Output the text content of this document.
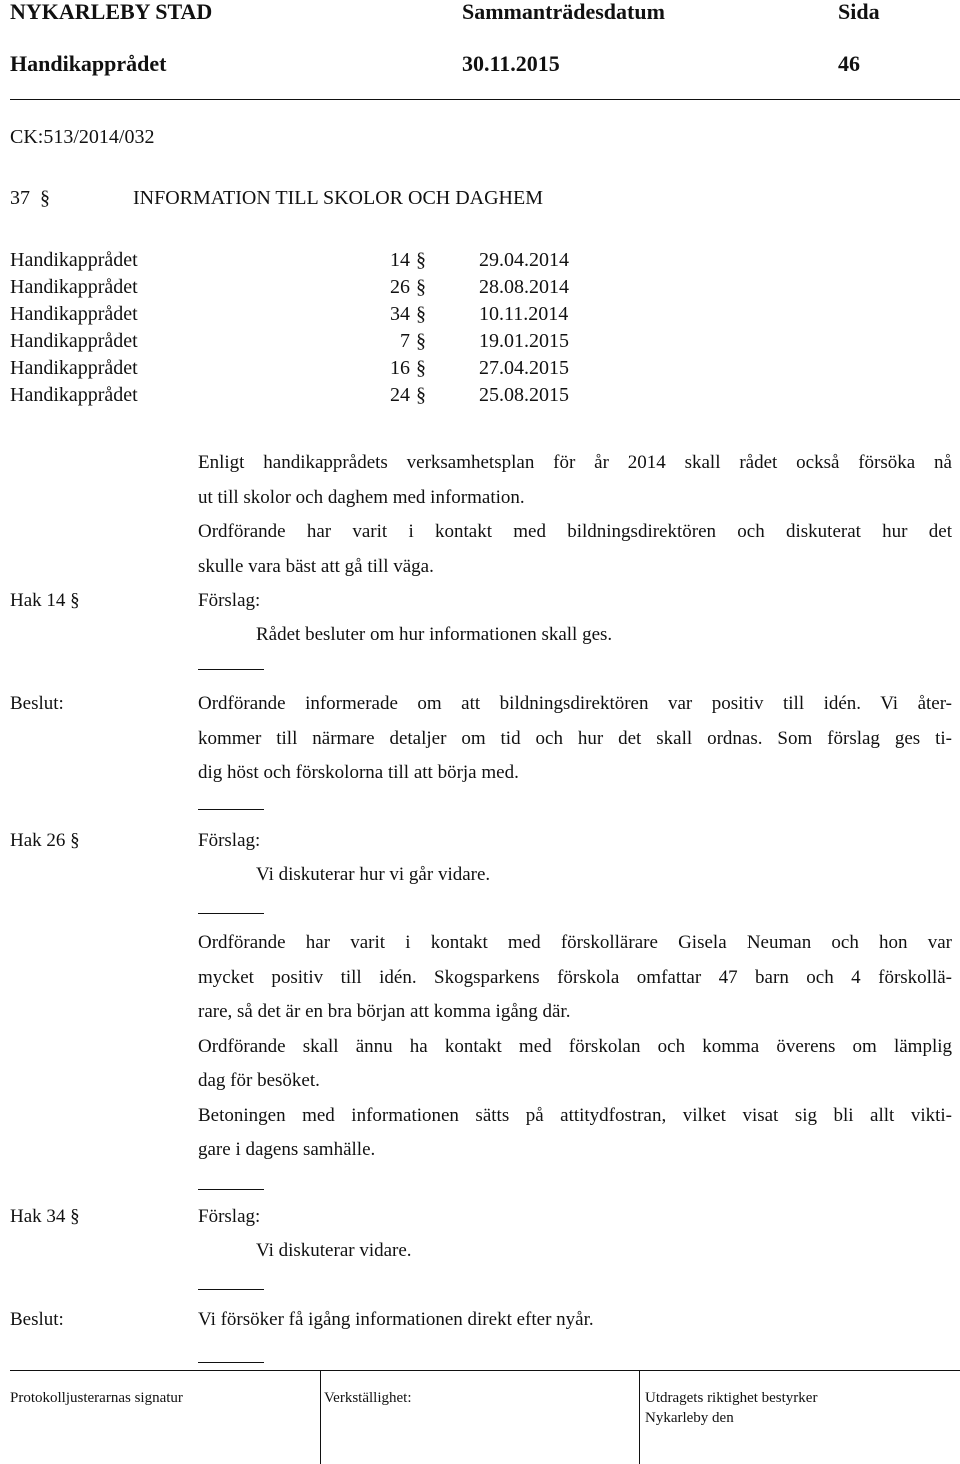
NYKARLEBY STAD	Sammanträdesdatum	Sida
Handikapprådet	30.11.2015	46
CK:513/2014/032
37 §	INFORMATION TILL SKOLOR OCH DAGHEM
Handikapprådet	14 §	29.04.2014
Handikapprådet	26 §	28.08.2014
Handikapprådet	34 §	10.11.2014
Handikapprådet	7 §	19.01.2015
Handikapprådet	16 §	27.04.2015
Handikapprådet	24 §	25.08.2015
Enligt handikapprådets verksamhetsplan för år 2014 skall rådet också försöka nå
ut till skolor och daghem med information.
Ordförande har varit i kontakt med bildningsdirektören och diskuterat hur det
skulle vara bäst att gå till väga.
Hak 14 §	Förslag:
Rådet besluter om hur informationen skall ges.
Beslut:	Ordförande informerade om att bildningsdirektören var positiv till idén. Vi åter-
kommer till närmare detaljer om tid och hur det skall ordnas. Som förslag ges ti-
dig höst och förskolorna till att börja med.
Hak 26 §	Förslag:
Vi diskuterar hur vi går vidare.
Ordförande har varit i kontakt med förskollärare Gisela Neuman och hon var
mycket positiv till idén. Skogsparkens förskola omfattar 47 barn och 4 förskollä-
rare, så det är en bra början att komma igång där.
Ordförande skall ännu ha kontakt med förskolan och komma överens om lämplig
dag för besöket.
Betoningen med informationen sätts på attitydfostran, vilket visat sig bli allt vikti-
gare i dagens samhälle.
Hak 34 §	Förslag:
Vi diskuterar vidare.
Beslut:	Vi försöker få igång informationen direkt efter nyår.
Protokolljusterarnas signatur	Verkställighet:	Utdragets riktighet bestyrker
Nykarleby den
